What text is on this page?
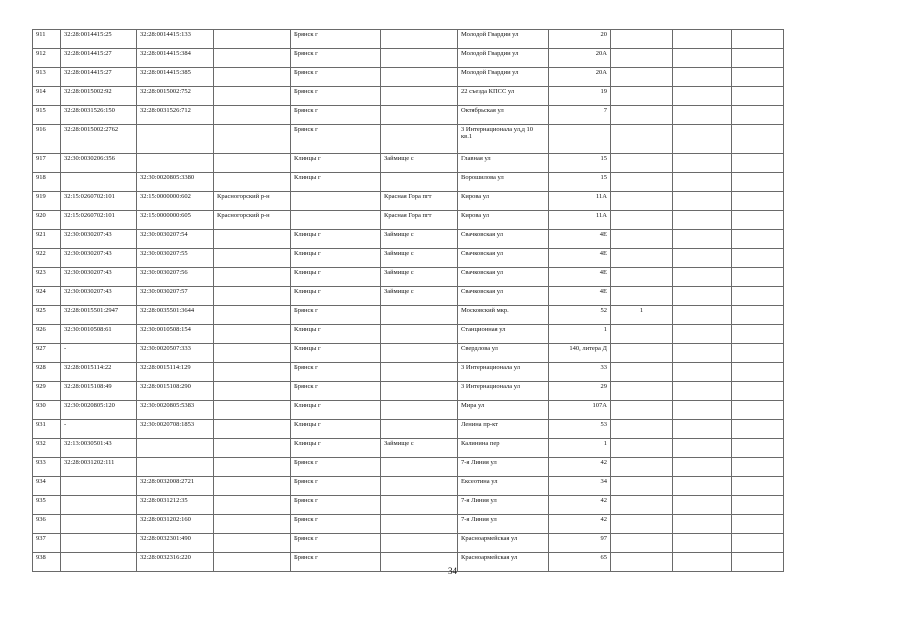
911	32:28:0014415:25	32:28:0014415:133		Брянск г		Молодой Гвардии ул	20			
912	32:28:0014415:27	32:28:0014415:384		Брянск г		Молодой Гвардии ул	20А			
913	32:28:0014415:27	32:28:0014415:385		Брянск г		Молодой Гвардии ул	20А			
914	32:28:0015002:92	32:28:0015002:752		Брянск г		22 съезда КПСС ул	19			
915	32:28:0031526:150	32:28:0031526:712		Брянск г		Октябрьская ул	7			
916	32:28:0015002:2762			Брянск г		3 Интернационала ул,д 10 кв.1				
917	32:30:0030206:356			Клинцы г	Займище с	Главная ул	15			
918		32:30:0020805:3380		Клинцы г		Ворошилова ул	15			
919	32:15:0260702:101	32:15:0000000:602	Красногорский р-н		Красная Гора пгт	Кирова ул	11А			
920	32:15:0260702:101	32:15:0000000:605	Красногорский р-н		Красная Гора пгт	Кирова ул	11А			
921	32:30:0030207:43	32:30:0030207:54		Клинцы г	Займище с	Свачковская ул	4Е			
922	32:30:0030207:43	32:30:0030207:55		Клинцы г	Займище с	Свачковская ул	4Е			
923	32:30:0030207:43	32:30:0030207:56		Клинцы г	Займище с	Свачковская ул	4Е			
924	32:30:0030207:43	32:30:0030207:57		Клинцы г	Займище с	Свачковская ул	4Е			
925	32:28:0015501:2947	32:28:0035501:3644		Брянск г		Московский мкр.	52	1		
926	32:30:0010508:61	32:30:0010508:154		Клинцы г		Станционная ул	1			
927	-	32:30:0020507:333		Клинцы г		Свердлова ул	140, литера Д			
928	32:28:0015114:22	32:28:0015114:129		Брянск г		3 Интернационала ул	33			
929	32:28:0015108:49	32:28:0015108:290		Брянск г		3 Интернационала ул	29			
930	32:30:0020805:120	32:30:0020805:5383		Клинцы г		Мира ул	107А			
931	-	32:30:0020708:1853		Клинцы г		Ленина пр-кт	53			
932	32:13:0030501:43			Клинцы г	Займище с	Калинина пер	1			
933	32:28:0031202:111			Брянск г		7-я Линия ул	42			
934		32:28:0032008:2721		Брянск г		Ексеотина ул	34			
935		32:28:0031212:35		Брянск г		7-я Линия ул	42			
936		32:28:0031202:160		Брянск г		7-я Линия ул	42			
937		32:28:0032301:490		Брянск г		Красноармейская ул	97			
938		32:28:0032316:220		Брянск г		Красноармейская ул	65			
34
